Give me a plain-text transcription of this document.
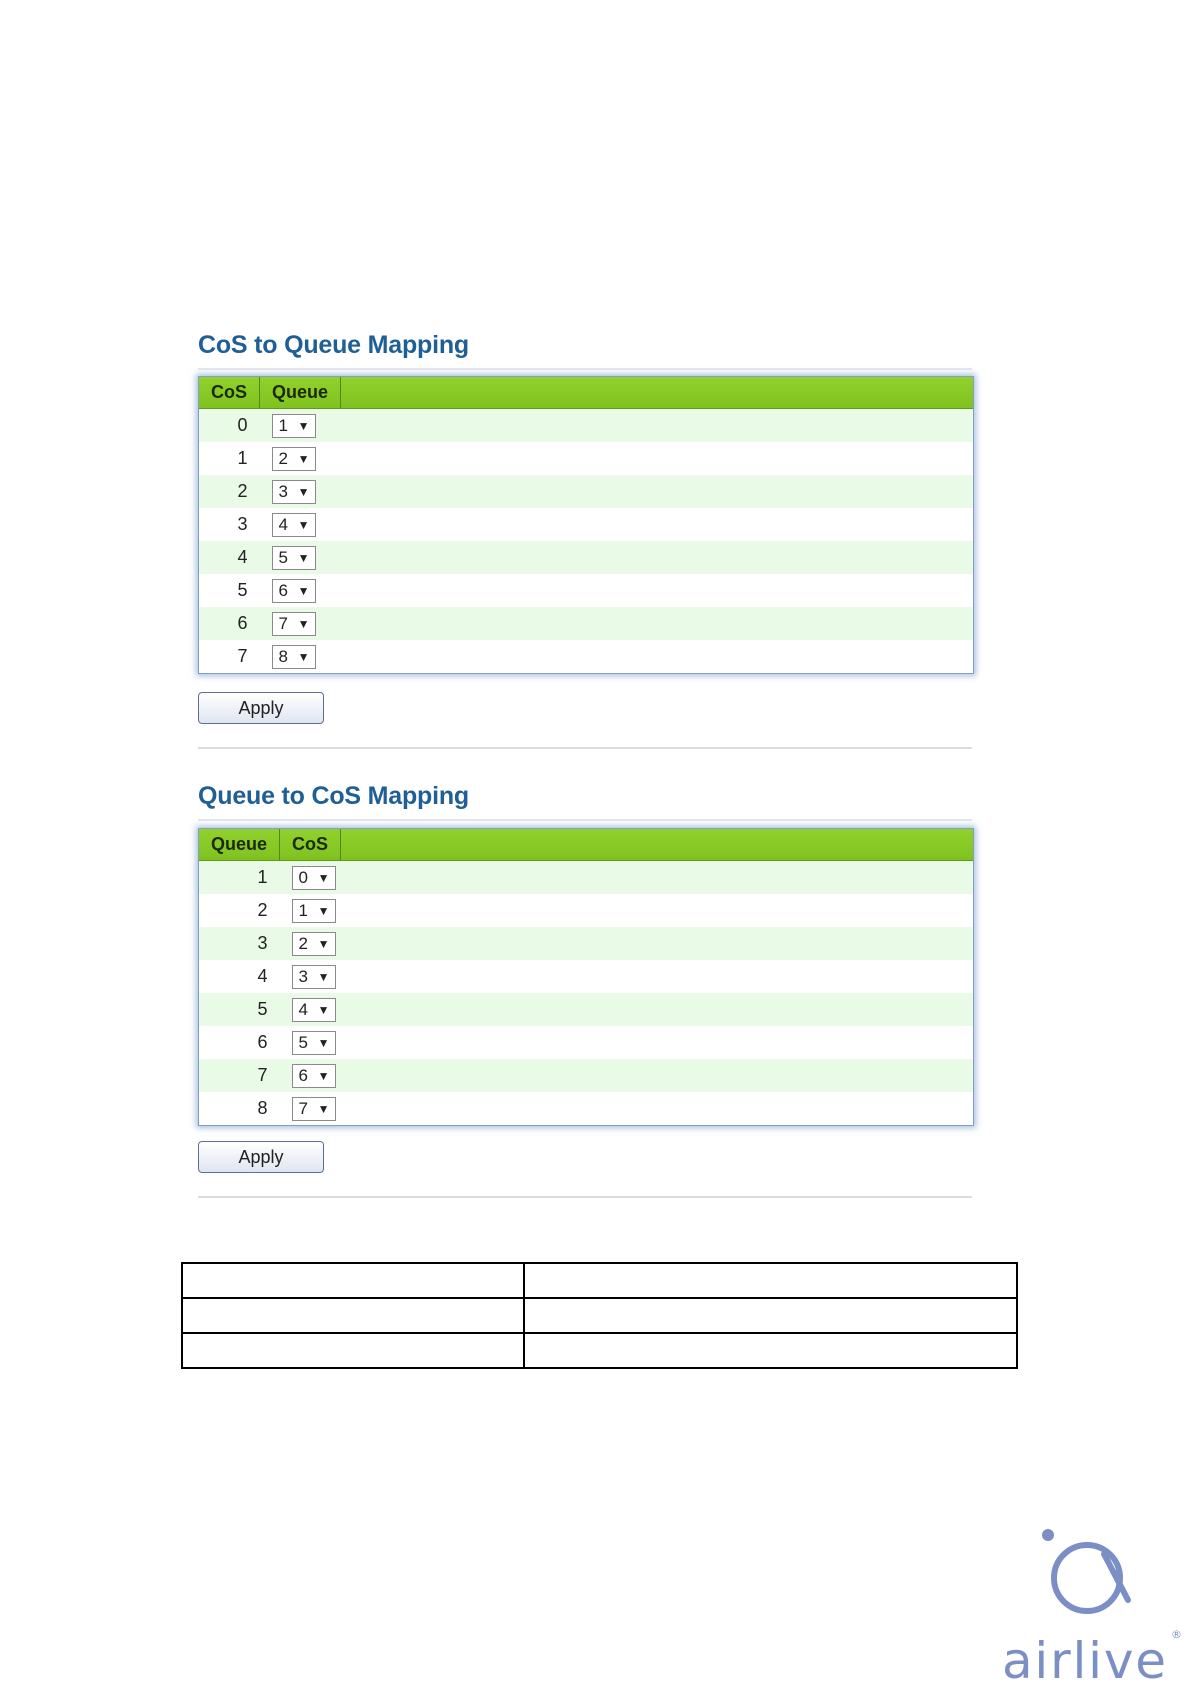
CoS to Queue Mapping
CoS	Queue	
0	1 ▼	

1	2 ▼	

2	3 ▼	

3	4 ▼	

4	5 ▼	

5	6 ▼	

6	7 ▼	

7	8 ▼	

Apply
Queue to CoS Mapping
Queue	CoS	
1	0 ▼	

2	1 ▼	

3	2 ▼	

4	3 ▼	

5	4 ▼	

6	5 ▼	

7	6 ▼	

8	7 ▼	

Apply

airlive ®
